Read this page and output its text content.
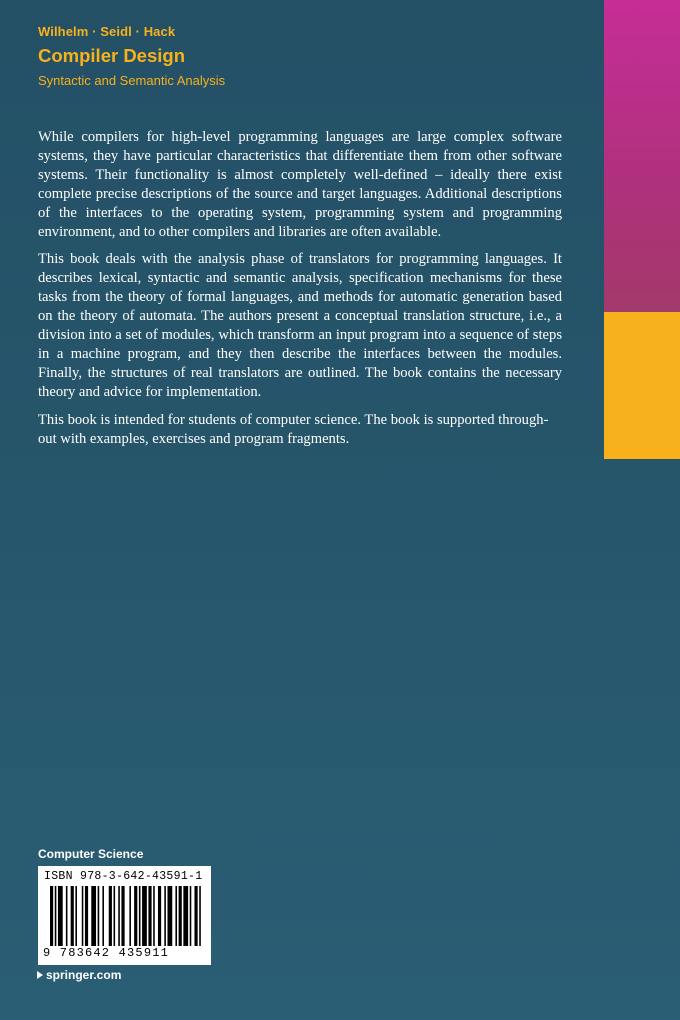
Wilhelm · Seidl · Hack
Compiler Design
Syntactic and Semantic Analysis

While compilers for high-level programming languages are large complex software systems, they have particular characteristics that differentiate them from other software systems. Their functionality is almost completely well-defined – ideally there exist complete precise descriptions of the source and target languages. Additional descriptions of the interfaces to the operating system, programming system and programming environment, and to other compilers and libraries are often available.

This book deals with the analysis phase of translators for programming languages. It describes lexical, syntactic and semantic analysis, specification mechanisms for these tasks from the theory of formal languages, and methods for automatic generation based on the theory of automata. The authors present a conceptual translation structure, i.e., a division into a set of modules, which transform an input program into a sequence of steps in a machine program, and they then describe the interfaces between the modules. Finally, the structures of real translators are outlined. The book contains the necessary theory and advice for implementation.

This book is intended for students of computer science. The book is supported throughout with examples, exercises and program fragments.

Computer Science
ISBN 978-3-642-43591-1
9 783642 435911
springer.com
